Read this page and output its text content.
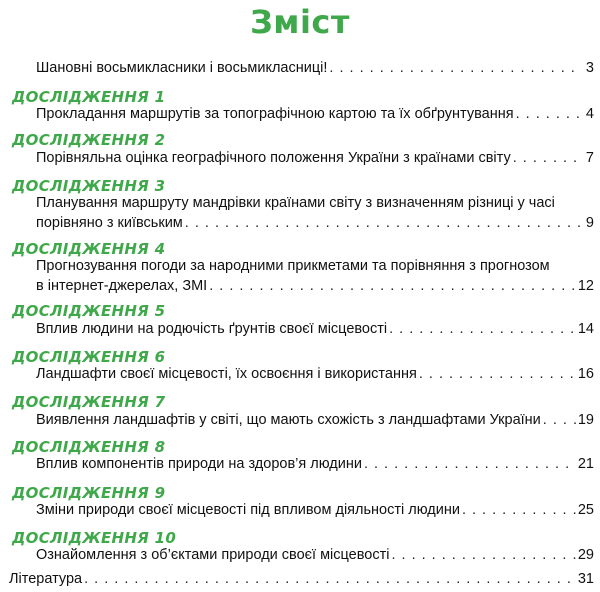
Зміст
Шановні восьмикласники і восьмикласниці! . . .	3
ДОСЛІДЖЕННЯ 1
Прокладання маршрутів за топографічною картою та їх обґрунтування . . .	4
ДОСЛІДЖЕННЯ 2
Порівняльна оцінка географічного положення України з країнами світу . . .	7
ДОСЛІДЖЕННЯ 3
Планування маршруту мандрівки країнами світу з визначенням різниці у часі
порівняно з київським . . .	9
ДОСЛІДЖЕННЯ 4
Прогнозування погоди за народними прикметами та порівняння з прогнозом
в інтернет-джерелах, ЗМІ . . .	12
ДОСЛІДЖЕННЯ 5
Вплив людини на родючість ґрунтів своєї місцевості . . .	14
ДОСЛІДЖЕННЯ 6
Ландшафти своєї місцевості, їх освоєння і використання . . .	16
ДОСЛІДЖЕННЯ 7
Виявлення ландшафтів у світі, що мають схожість з ландшафтами України . . .	19
ДОСЛІДЖЕННЯ 8
Вплив компонентів природи на здоров’я людини . . .	21
ДОСЛІДЖЕННЯ 9
Зміни природи своєї місцевості під впливом діяльності людини . . .	25
ДОСЛІДЖЕННЯ 10
Ознайомлення з об’єктами природи своєї місцевості . . .	29
Література . . .	31
